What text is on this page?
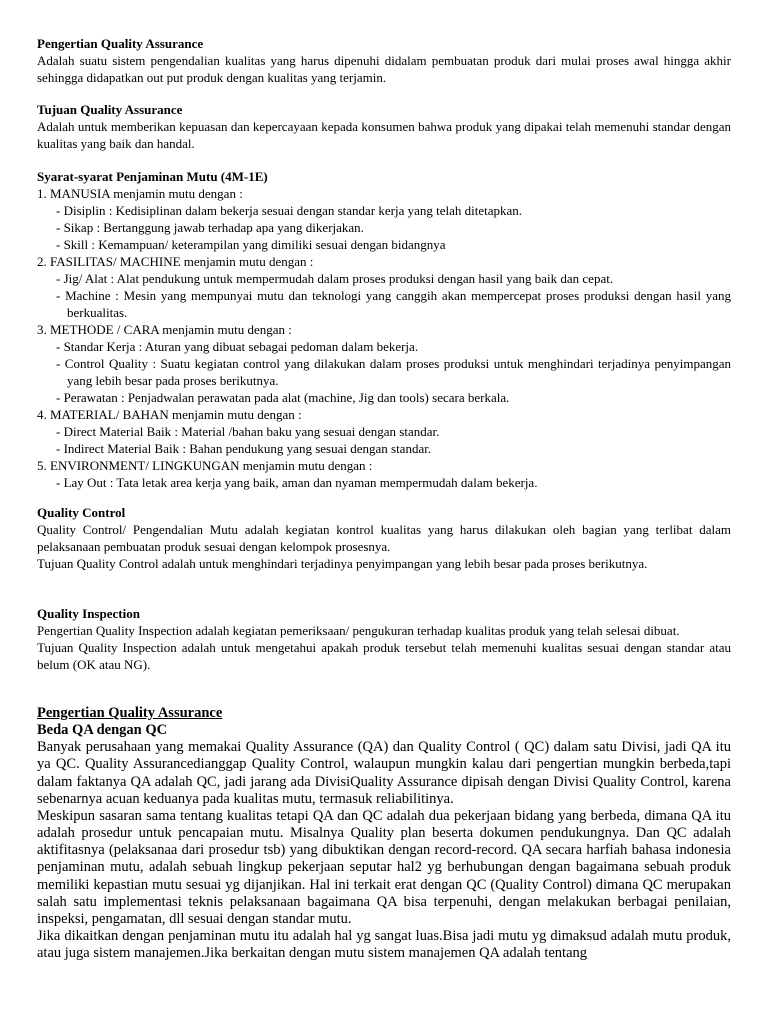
Pengertian Quality Assurance

Adalah suatu sistem pengendalian kualitas yang harus dipenuhi didalam pembuatan produk dari mulai proses awal hingga akhir sehingga didapatkan out put produk dengan kualitas yang terjamin.

Tujuan Quality Assurance

Adalah untuk memberikan kepuasan dan kepercayaan kepada konsumen bahwa produk yang dipakai telah memenuhi standar dengan kualitas yang baik dan handal.

Syarat-syarat Penjaminan Mutu (4M-1E)
1. MANUSIA menjamin mutu dengan :
- Disiplin : Kedisiplinan dalam bekerja sesuai dengan standar kerja yang telah ditetapkan.
- Sikap : Bertanggung jawab terhadap apa yang dikerjakan.
- Skill : Kemampuan/ keterampilan yang dimiliki sesuai dengan bidangnya
2. FASILITAS/ MACHINE menjamin mutu dengan :
- Jig/ Alat : Alat pendukung untuk mempermudah dalam proses produksi dengan hasil yang baik dan cepat.
- Machine : Mesin yang mempunyai mutu dan teknologi yang canggih akan mempercepat proses produksi dengan hasil yang berkualitas.
3. METHODE / CARA menjamin mutu dengan :
- Standar Kerja : Aturan yang dibuat sebagai pedoman dalam bekerja.
- Control Quality : Suatu kegiatan control yang dilakukan dalam proses produksi untuk menghindari terjadinya penyimpangan yang lebih besar pada proses berikutnya.
- Perawatan : Penjadwalan perawatan pada alat (machine, Jig dan tools) secara berkala.
4. MATERIAL/ BAHAN menjamin mutu dengan :
- Direct Material Baik : Material /bahan baku yang sesuai dengan standar.
- Indirect Material Baik : Bahan pendukung yang sesuai dengan standar.
5. ENVIRONMENT/ LINGKUNGAN menjamin mutu dengan :
- Lay Out : Tata letak area kerja yang baik, aman dan nyaman mempermudah dalam bekerja.
Quality Control

Quality Control/ Pengendalian Mutu adalah kegiatan kontrol kualitas yang harus dilakukan oleh bagian yang terlibat dalam pelaksanaan pembuatan produk sesuai dengan kelompok prosesnya.

Tujuan Quality Control adalah untuk menghindari terjadinya penyimpangan yang lebih besar pada proses berikutnya.

Quality Inspection

Pengertian Quality Inspection adalah kegiatan pemeriksaan/ pengukuran terhadap kualitas produk yang telah selesai dibuat.

Tujuan Quality Inspection adalah untuk mengetahui apakah produk tersebut telah memenuhi kualitas sesuai dengan standar atau belum (OK atau NG).

Pengertian Quality Assurance
Beda QA dengan QC

Banyak perusahaan yang memakai Quality Assurance (QA) dan Quality Control ( QC) dalam satu Divisi, jadi QA itu ya QC. Quality Assurancedianggap Quality Control, walaupun mungkin kalau dari pengertian mungkin berbeda,tapi dalam faktanya QA adalah QC, jadi jarang ada DivisiQuality Assurance dipisah dengan Divisi Quality Control, karena sebenarnya acuan keduanya pada kualitas mutu, termasuk reliabilitinya.

Meskipun sasaran sama tentang kualitas tetapi QA dan QC adalah dua pekerjaan bidang yang berbeda, dimana QA itu adalah prosedur untuk pencapaian mutu. Misalnya Quality plan beserta dokumen pendukungnya. Dan QC adalah aktifitasnya (pelaksanaa dari prosedur tsb) yang dibuktikan dengan record-record. QA secara harfiah bahasa indonesia penjaminan mutu, adalah sebuah lingkup pekerjaan seputar hal2 yg berhubungan dengan bagaimana sebuah produk memiliki kepastian mutu sesuai yg dijanjikan. Hal ini terkait erat dengan QC (Quality Control) dimana QC merupakan salah satu implementasi teknis pelaksanaan bagaimana QA bisa terpenuhi, dengan melakukan berbagai penilaian, inspeksi, pengamatan, dll sesuai dengan standar mutu.

Jika dikaitkan dengan penjaminan mutu itu adalah hal yg sangat luas.Bisa jadi mutu yg dimaksud adalah mutu produk, atau juga sistem manajemen.Jika berkaitan dengan mutu sistem manajemen QA adalah tentang
